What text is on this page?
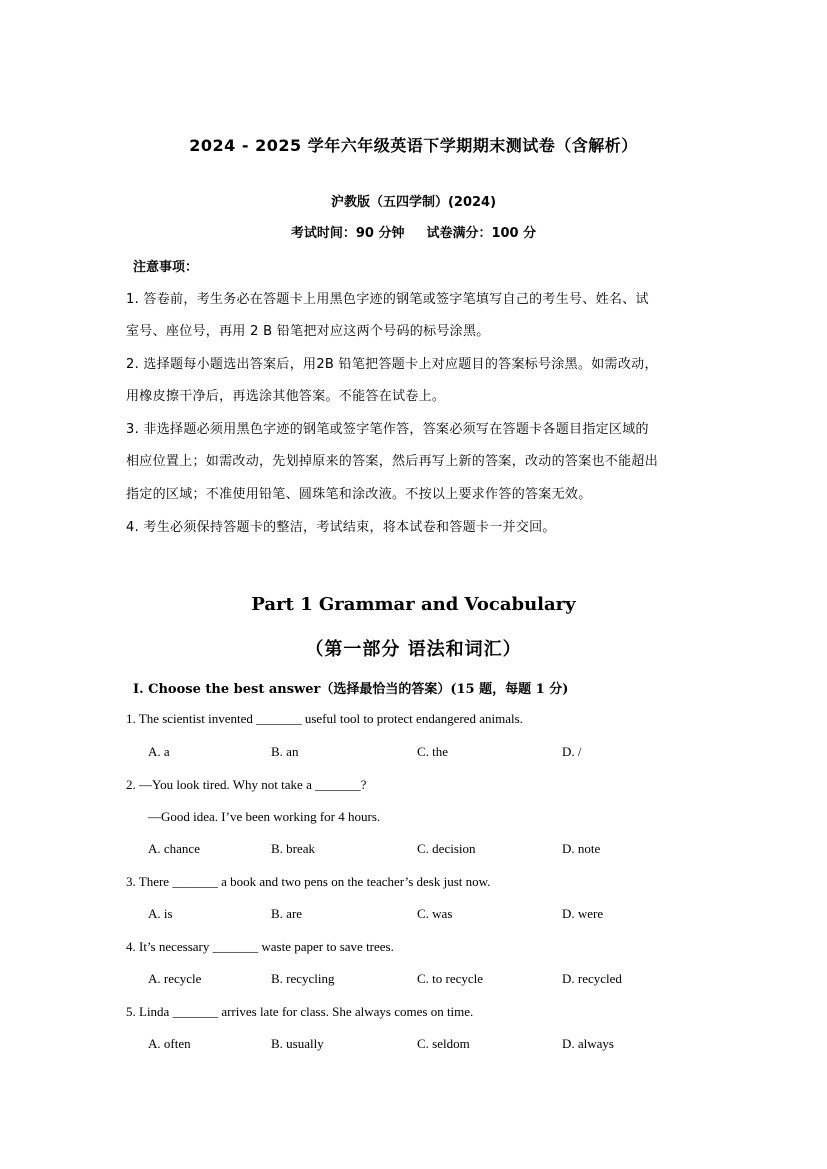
2024 - 2025 学年六年级英语下学期期末测试卷（含解析）
沪教版（五四学制）(2024)
考试时间：90 分钟 试卷满分：100 分
注意事项：
1. 答卷前，考生务必在答题卡上用黑色字迹的钢笔或签字笔填写自己的考生号、姓名、试
室号、座位号，再用 2 B 铅笔把对应这两个号码的标号涂黑。
2. 选择题每小题选出答案后，用2B 铅笔把答题卡上对应题目的答案标号涂黑。如需改动，
用橡皮擦干净后，再选涂其他答案。不能答在试卷上。
3. 非选择题必须用黑色字迹的钢笔或签字笔作答，答案必须写在答题卡各题目指定区域的
相应位置上；如需改动，先划掉原来的答案，然后再写上新的答案，改动的答案也不能超出
指定的区域；不准使用铅笔、圆珠笔和涂改液。不按以上要求作答的答案无效。
4. 考生必须保持答题卡的整洁，考试结束，将本试卷和答题卡一并交回。
Part 1 Grammar and Vocabulary
（第一部分 语法和词汇）
I. Choose the best answer（选择最恰当的答案）(15 题，每题 1 分)
1. The scientist invented _______ useful tool to protect endangered animals.
A. a	B. an	C. the	D. /
2. —You look tired. Why not take a _______?
—Good idea. I’ve been working for 4 hours.
A. chance	B. break	C. decision	D. note
3. There _______ a book and two pens on the teacher’s desk just now.
A. is	B. are	C. was	D. were
4. It’s necessary _______ waste paper to save trees.
A. recycle	B. recycling	C. to recycle	D. recycled
5. Linda _______ arrives late for class. She always comes on time.
A. often	B. usually	C. seldom	D. always
